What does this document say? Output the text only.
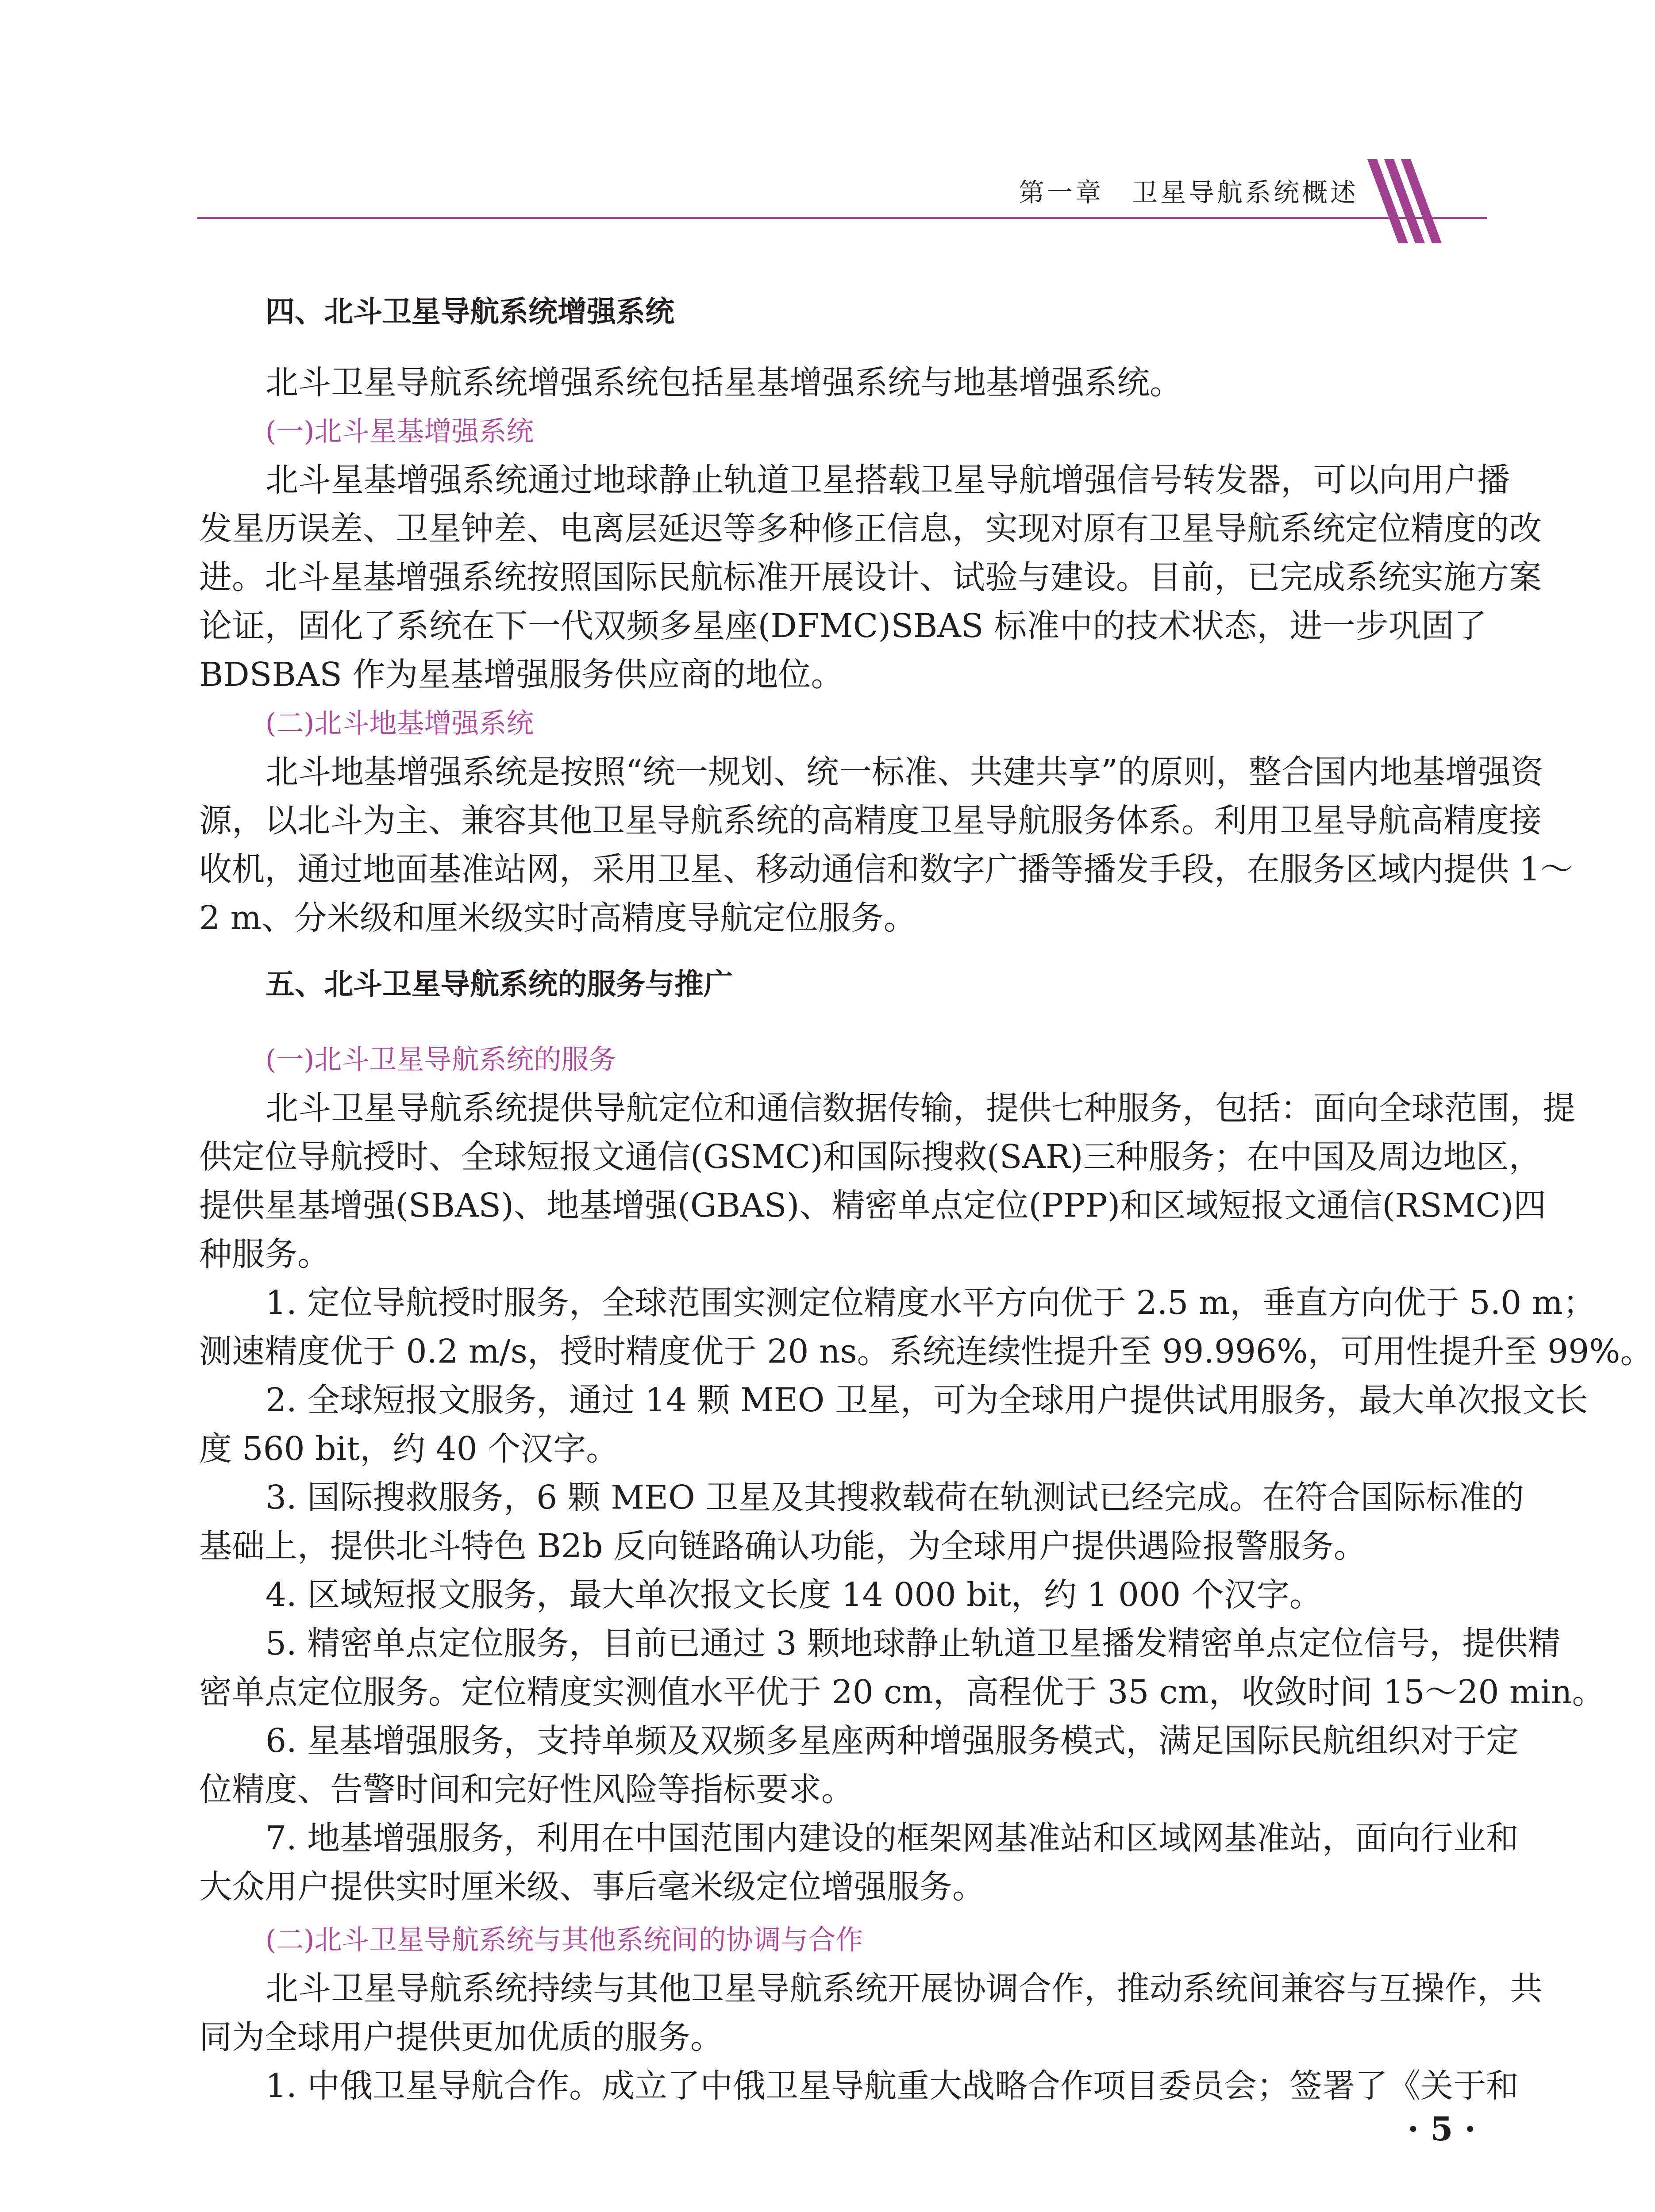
第一章　卫星导航系统概述
四、北斗卫星导航系统增强系统
北斗卫星导航系统增强系统包括星基增强系统与地基增强系统。
(一)北斗星基增强系统
北斗星基增强系统通过地球静止轨道卫星搭载卫星导航增强信号转发器，可以向用户播
发星历误差、卫星钟差、电离层延迟等多种修正信息，实现对原有卫星导航系统定位精度的改
进。北斗星基增强系统按照国际民航标准开展设计、试验与建设。目前，已完成系统实施方案
论证，固化了系统在下一代双频多星座(DFMC)SBAS 标准中的技术状态，进一步巩固了
BDSBAS 作为星基增强服务供应商的地位。
(二)北斗地基增强系统
北斗地基增强系统是按照“统一规划、统一标准、共建共享”的原则，整合国内地基增强资
源，以北斗为主、兼容其他卫星导航系统的高精度卫星导航服务体系。利用卫星导航高精度接
收机，通过地面基准站网，采用卫星、移动通信和数字广播等播发手段，在服务区域内提供 1～
2 m、分米级和厘米级实时高精度导航定位服务。
五、北斗卫星导航系统的服务与推广
(一)北斗卫星导航系统的服务
北斗卫星导航系统提供导航定位和通信数据传输，提供七种服务，包括：面向全球范围，提
供定位导航授时、全球短报文通信(GSMC)和国际搜救(SAR)三种服务；在中国及周边地区，
提供星基增强(SBAS)、地基增强(GBAS)、精密单点定位(PPP)和区域短报文通信(RSMC)四
种服务。
1. 定位导航授时服务，全球范围实测定位精度水平方向优于 2.5 m，垂直方向优于 5.0 m；
测速精度优于 0.2 m/s，授时精度优于 20 ns。系统连续性提升至 99.996%，可用性提升至 99%。
2. 全球短报文服务，通过 14 颗 MEO 卫星，可为全球用户提供试用服务，最大单次报文长
度 560 bit，约 40 个汉字。
3. 国际搜救服务，6 颗 MEO 卫星及其搜救载荷在轨测试已经完成。在符合国际标准的
基础上，提供北斗特色 B2b 反向链路确认功能，为全球用户提供遇险报警服务。
4. 区域短报文服务，最大单次报文长度 14 000 bit，约 1 000 个汉字。
5. 精密单点定位服务，目前已通过 3 颗地球静止轨道卫星播发精密单点定位信号，提供精
密单点定位服务。定位精度实测值水平优于 20 cm，高程优于 35 cm，收敛时间 15～20 min。
6. 星基增强服务，支持单频及双频多星座两种增强服务模式，满足国际民航组织对于定
位精度、告警时间和完好性风险等指标要求。
7. 地基增强服务，利用在中国范围内建设的框架网基准站和区域网基准站，面向行业和
大众用户提供实时厘米级、事后毫米级定位增强服务。
(二)北斗卫星导航系统与其他系统间的协调与合作
北斗卫星导航系统持续与其他卫星导航系统开展协调合作，推动系统间兼容与互操作，共
同为全球用户提供更加优质的服务。
1. 中俄卫星导航合作。成立了中俄卫星导航重大战略合作项目委员会；签署了《关于和
· 5 ·
